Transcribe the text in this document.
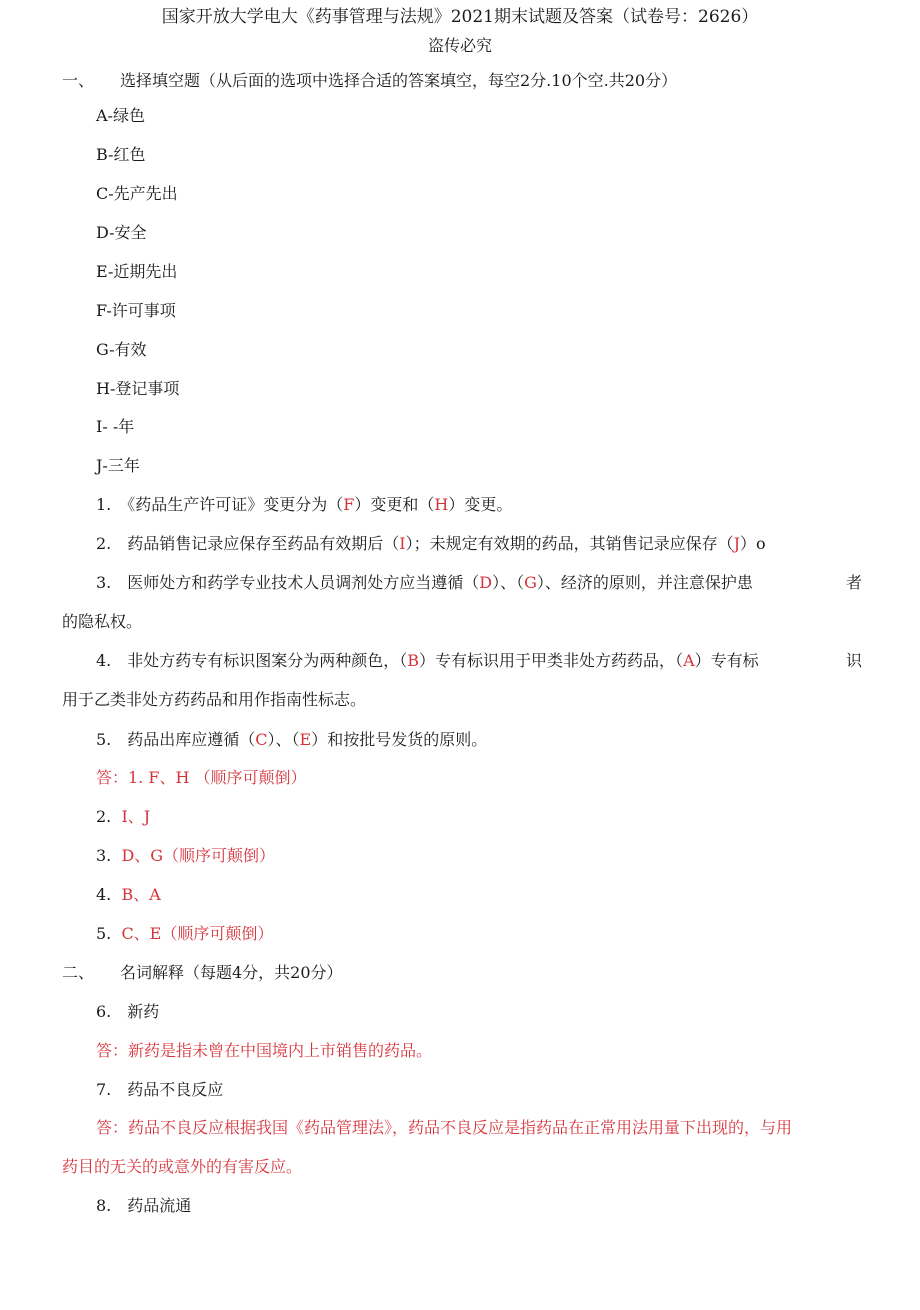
国家开放大学电大《药事管理与法规》2021期末试题及答案（试卷号：2626）
盗传必究
一、 选择填空题（从后面的选项中选择合适的答案填空，每空2分.10个空.共20分）
A-绿色
B-红色
C-先产先出
D-安全
E-近期先出
F-许可事项
G-有效
H-登记事项
I- -年
J-三年
1.　《药品生产许可证》变更分为（F）变更和（H）变更。
2.　药品销售记录应保存至药品有效期后（I）；未规定有效期的药品，其销售记录应保存（J）o
3.　医师处方和药学专业技术人员调剂处方应当遵循（D）、（G）、经济的原则，并注意保护患	者
的隐私权。
4.　非处方药专有标识图案分为两种颜色，（B）专有标识用于甲类非处方药药品，（A）专有标	识
用于乙类非处方药药品和用作指南性标志。
5.　药品出库应遵循（C）、（E）和按批号发货的原则。
答：1. F、H （顺序可颠倒）
2. I、J
3. D、G（顺序可颠倒）
4. B、A
5. C、E（顺序可颠倒）
二、 名词解释（每题4分，共20分）
6.　新药
答：新药是指未曾在中国境内上市销售的药品。
7.　药品不良反应
答：药品不良反应根据我国《药品管理法》，药品不良反应是指药品在正常用法用量下出现的，与用
药目的无关的或意外的有害反应。
8.　药品流通
